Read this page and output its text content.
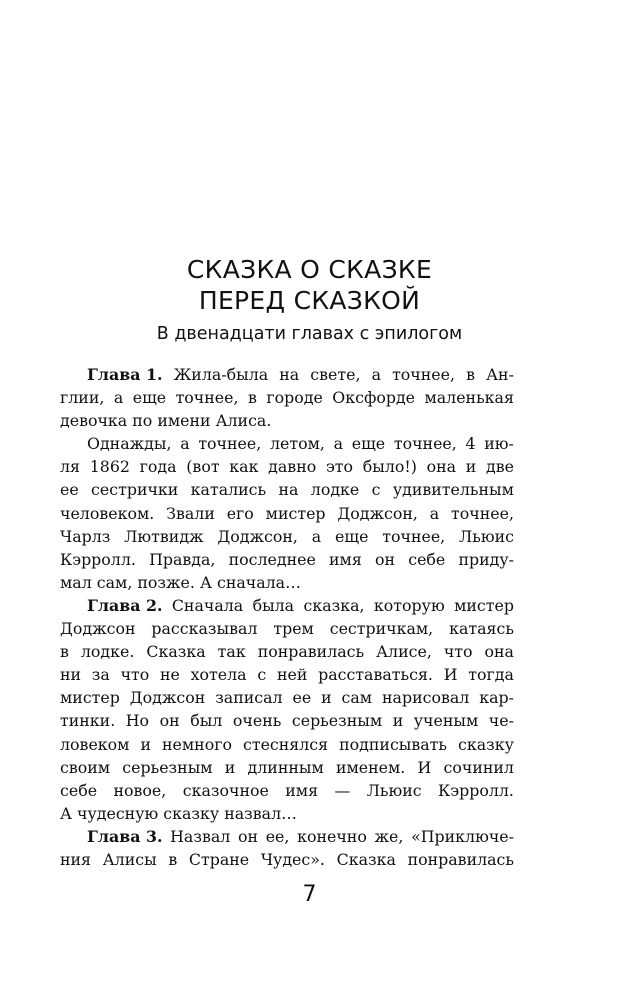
СКАЗКА О СКАЗКЕ
ПЕРЕД СКАЗКОЙ
В двенадцати главах с эпилогом
Глава 1. Жила-была на свете, а точнее, в Ан-
глии, а еще точнее, в городе Оксфорде маленькая
девочка по имени Алиса.
Однажды, а точнее, летом, а еще точнее, 4 ию-
ля 1862 года (вот как давно это было!) она и две
ее сестрички катались на лодке с удивительным
человеком. Звали его мистер Доджсон, а точнее,
Чарлз Лютвидж Доджсон, а еще точнее, Льюис
Кэрролл. Правда, последнее имя он себе приду-
мал сам, позже. А сначала…
Глава 2. Сначала была сказка, которую мистер
Доджсон рассказывал трем сестричкам, катаясь
в лодке. Сказка так понравилась Алисе, что она
ни за что не хотела с ней расставаться. И тогда
мистер Доджсон записал ее и сам нарисовал кар-
тинки. Но он был очень серьезным и ученым че-
ловеком и немного стеснялся подписывать сказку
своим серьезным и длинным именем. И сочинил
себе новое, сказочное имя — Льюис Кэрролл.
А чудесную сказку назвал…
Глава 3. Назвал он ее, конечно же, «Приключе-
ния Алисы в Стране Чудес». Сказка понравилась
7
